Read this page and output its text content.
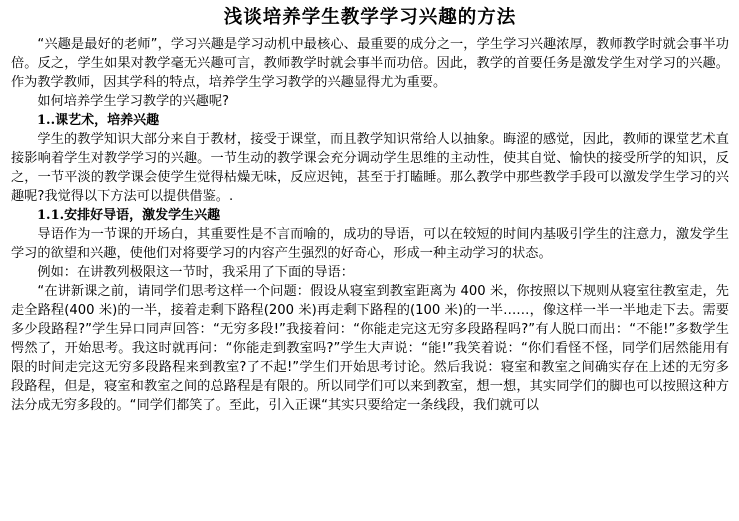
浅谈培养学生教学学习兴趣的方法

“兴趣是最好的老师”，学习兴趣是学习动机中最核心、最重要的成分之一，学生学习兴趣浓厚，教师教学时就会事半功倍。反之，学生如果对教学毫无兴趣可言，教师教学时就会事半而功倍。因此，教学的首要任务是激发学生对学习的兴趣。作为教学教师，因其学科的特点，培养学生学习教学的兴趣显得尤为重要。

如何培养学生学习教学的兴趣呢?

1..课艺术，培养兴趣

学生的教学知识大部分来自于教材，接受于课堂，而且教学知识常给人以抽象。晦涩的感觉，因此，教师的课堂艺术直接影响着学生对教学学习的兴趣。一节生动的教学课会充分调动学生思维的主动性，使其自觉、愉快的接受所学的知识，反之，一节平淡的教学课会使学生觉得枯燥无味，反应迟钝，甚至于打瞌睡。那么教学中那些教学手段可以激发学生学习的兴趣呢?我觉得以下方法可以提供借鉴。.

1.1.安排好导语，激发学生兴趣

导语作为一节课的开场白，其重要性是不言而喻的，成功的导语，可以在较短的时间内基吸引学生的注意力，激发学生学习的欲望和兴趣，使他们对将要学习的内容产生强烈的好奇心，形成一种主动学习的状态。

例如：在讲教列极限这一节时，我采用了下面的导语：

“在讲新课之前，请同学们思考这样一个问题：假设从寝室到教室距离为 400 米，你按照以下规则从寝室往教室走，先走全路程(400 米)的一半，接着走剩下路程(200 米)再走剩下路程的(100 米)的一半……，像这样一半一半地走下去。需要多少段路程?”学生异口同声回答：“无穷多段!”我接着问：“你能走完这无穷多段路程吗?”有人脱口而出：“不能!”多数学生愕然了，开始思考。我这时就再问：“你能走到教室吗?”学生大声说：“能!”我笑着说：“你们看怪不怪，同学们居然能用有限的时间走完这无穷多段路程来到教室?了不起!”学生们开始思考讨论。然后我说：寝室和教室之间确实存在上述的无穷多段路程，但是，寝室和教室之间的总路程是有限的。所以同学们可以来到教室，想一想，其实同学们的脚也可以按照这种方法分成无穷多段的。“同学们都笑了。至此，引入正课“其实只要给定一条线段，我们就可以
